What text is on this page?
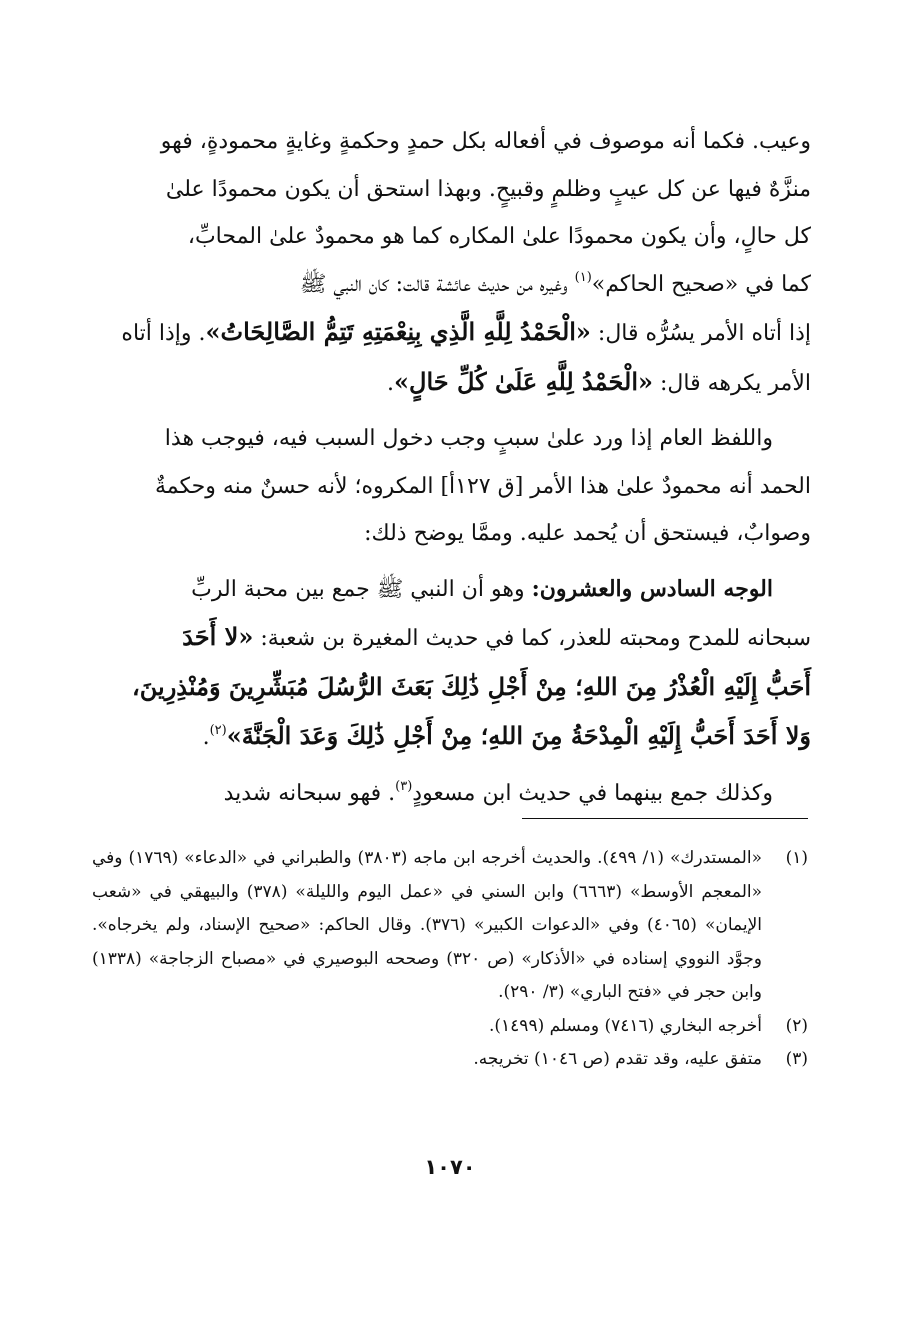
وعيب. فكما أنه موصوف في أفعاله بكل حمدٍ وحكمةٍ وغايةٍ محمودةٍ، فهو

منزَّهٌ فيها عن كل عيبٍ وظلمٍ وقبيحٍ. وبهذا استحق أن يكون محمودًا علىٰ

كل حالٍ، وأن يكون محمودًا علىٰ المكاره كما هو محمودٌ علىٰ المحابِّ،

كما في «صحيح الحاكم»$^{(١)}$ وغيره من حديث عائشة قالت: كان النبي ﷺ

إذا أتاه الأمر يسُرُّه قال: «الْحَمْدُ لِلَّهِ الَّذِي بِنِعْمَتِهِ تَتِمُّ الصَّالِحَاتُ». وإذا أتاه

الأمر يكرهه قال: «الْحَمْدُ لِلَّهِ عَلَىٰ كُلِّ حَالٍ».

واللفظ العام إذا ورد علىٰ سببٍ وجب دخول السبب فيه، فيوجب هذا

الحمد أنه محمودٌ علىٰ هذا الأمر [ق ١٢٧أ] المكروه؛ لأنه حسنٌ منه وحكمةٌ

وصوابٌ، فيستحق أن يُحمد عليه. وممَّا يوضح ذلك:

الوجه السادس والعشرون: وهو أن النبي ﷺ جمع بين محبة الربِّ

سبحانه للمدح ومحبته للعذر، كما في حديث المغيرة بن شعبة: «لا أَحَدَ

أَحَبُّ إِلَيْهِ الْعُذْرُ مِنَ اللهِ؛ مِنْ أَجْلِ ذَٰلِكَ بَعَثَ الرُّسُلَ مُبَشِّرِينَ وَمُنْذِرِينَ،

وَلا أَحَدَ أَحَبُّ إِلَيْهِ الْمِدْحَةُ مِنَ اللهِ؛ مِنْ أَجْلِ ذَٰلِكَ وَعَدَ الْجَنَّةَ»$^{(٢)}$.

وكذلك جمع بينهما في حديث ابن مسعودٍ$^{(٣)}$. فهو سبحانه شديد

(١)
«المستدرك» (١/ ٤٩٩). والحديث أخرجه ابن ماجه (٣٨٠٣) والطبراني في «الدعاء» (١٧٦٩) وفي «المعجم الأوسط» (٦٦٦٣) وابن السني في «عمل اليوم والليلة» (٣٧٨) والبيهقي في «شعب الإيمان» (٤٠٦٥) وفي «الدعوات الكبير» (٣٧٦). وقال الحاكم: «صحيح الإسناد، ولم يخرجاه». وجوَّد النووي إسناده في «الأذكار» (ص ٣٢٠) وصححه البوصيري في «مصباح الزجاجة» (١٣٣٨) وابن حجر في «فتح الباري» (٣/ ٢٩٠).
(٢)
أخرجه البخاري (٧٤١٦) ومسلم (١٤٩٩).
(٣)
متفق عليه، وقد تقدم (ص ١٠٤٦) تخريجه.
١٠٧٠
